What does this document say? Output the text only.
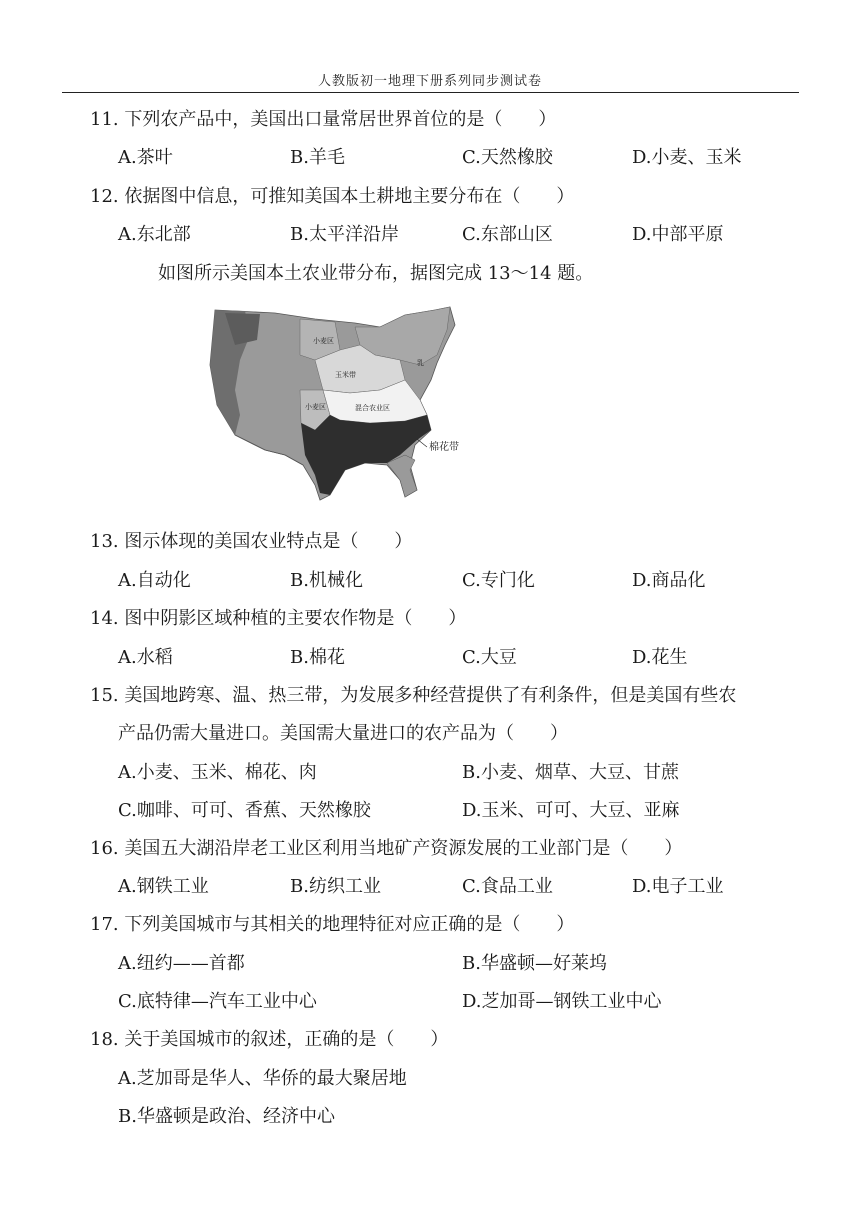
人教版初一地理下册系列同步测试卷
11. 下列农产品中，美国出口量常居世界首位的是（　　）
A.茶叶	B.羊毛	C.天然橡胶	D.小麦、玉米
12. 依据图中信息，可推知美国本土耕地主要分布在（　　）
A.东北部	B.太平洋沿岸	C.东部山区	D.中部平原
如图所示美国本土农业带分布，据图完成 13～14 题。
小麦区
玉米带
小麦区	混合农业区
乳
棉花带
13. 图示体现的美国农业特点是（　　）
A.自动化	B.机械化	C.专门化	D.商品化
14. 图中阴影区域种植的主要农作物是（　　）
A.水稻	B.棉花	C.大豆	D.花生
15. 美国地跨寒、温、热三带，为发展多种经营提供了有利条件，但是美国有些农
产品仍需大量进口。美国需大量进口的农产品为（　　）
A.小麦、玉米、棉花、肉	B.小麦、烟草、大豆、甘蔗
C.咖啡、可可、香蕉、天然橡胶	D.玉米、可可、大豆、亚麻
16. 美国五大湖沿岸老工业区利用当地矿产资源发展的工业部门是（　　）
A.钢铁工业	B.纺织工业	C.食品工业	D.电子工业
17. 下列美国城市与其相关的地理特征对应正确的是（　　）
A.纽约——首都	B.华盛顿—好莱坞
C.底特律—汽车工业中心	D.芝加哥—钢铁工业中心
18. 关于美国城市的叙述，正确的是（　　）
A.芝加哥是华人、华侨的最大聚居地
B.华盛顿是政治、经济中心
